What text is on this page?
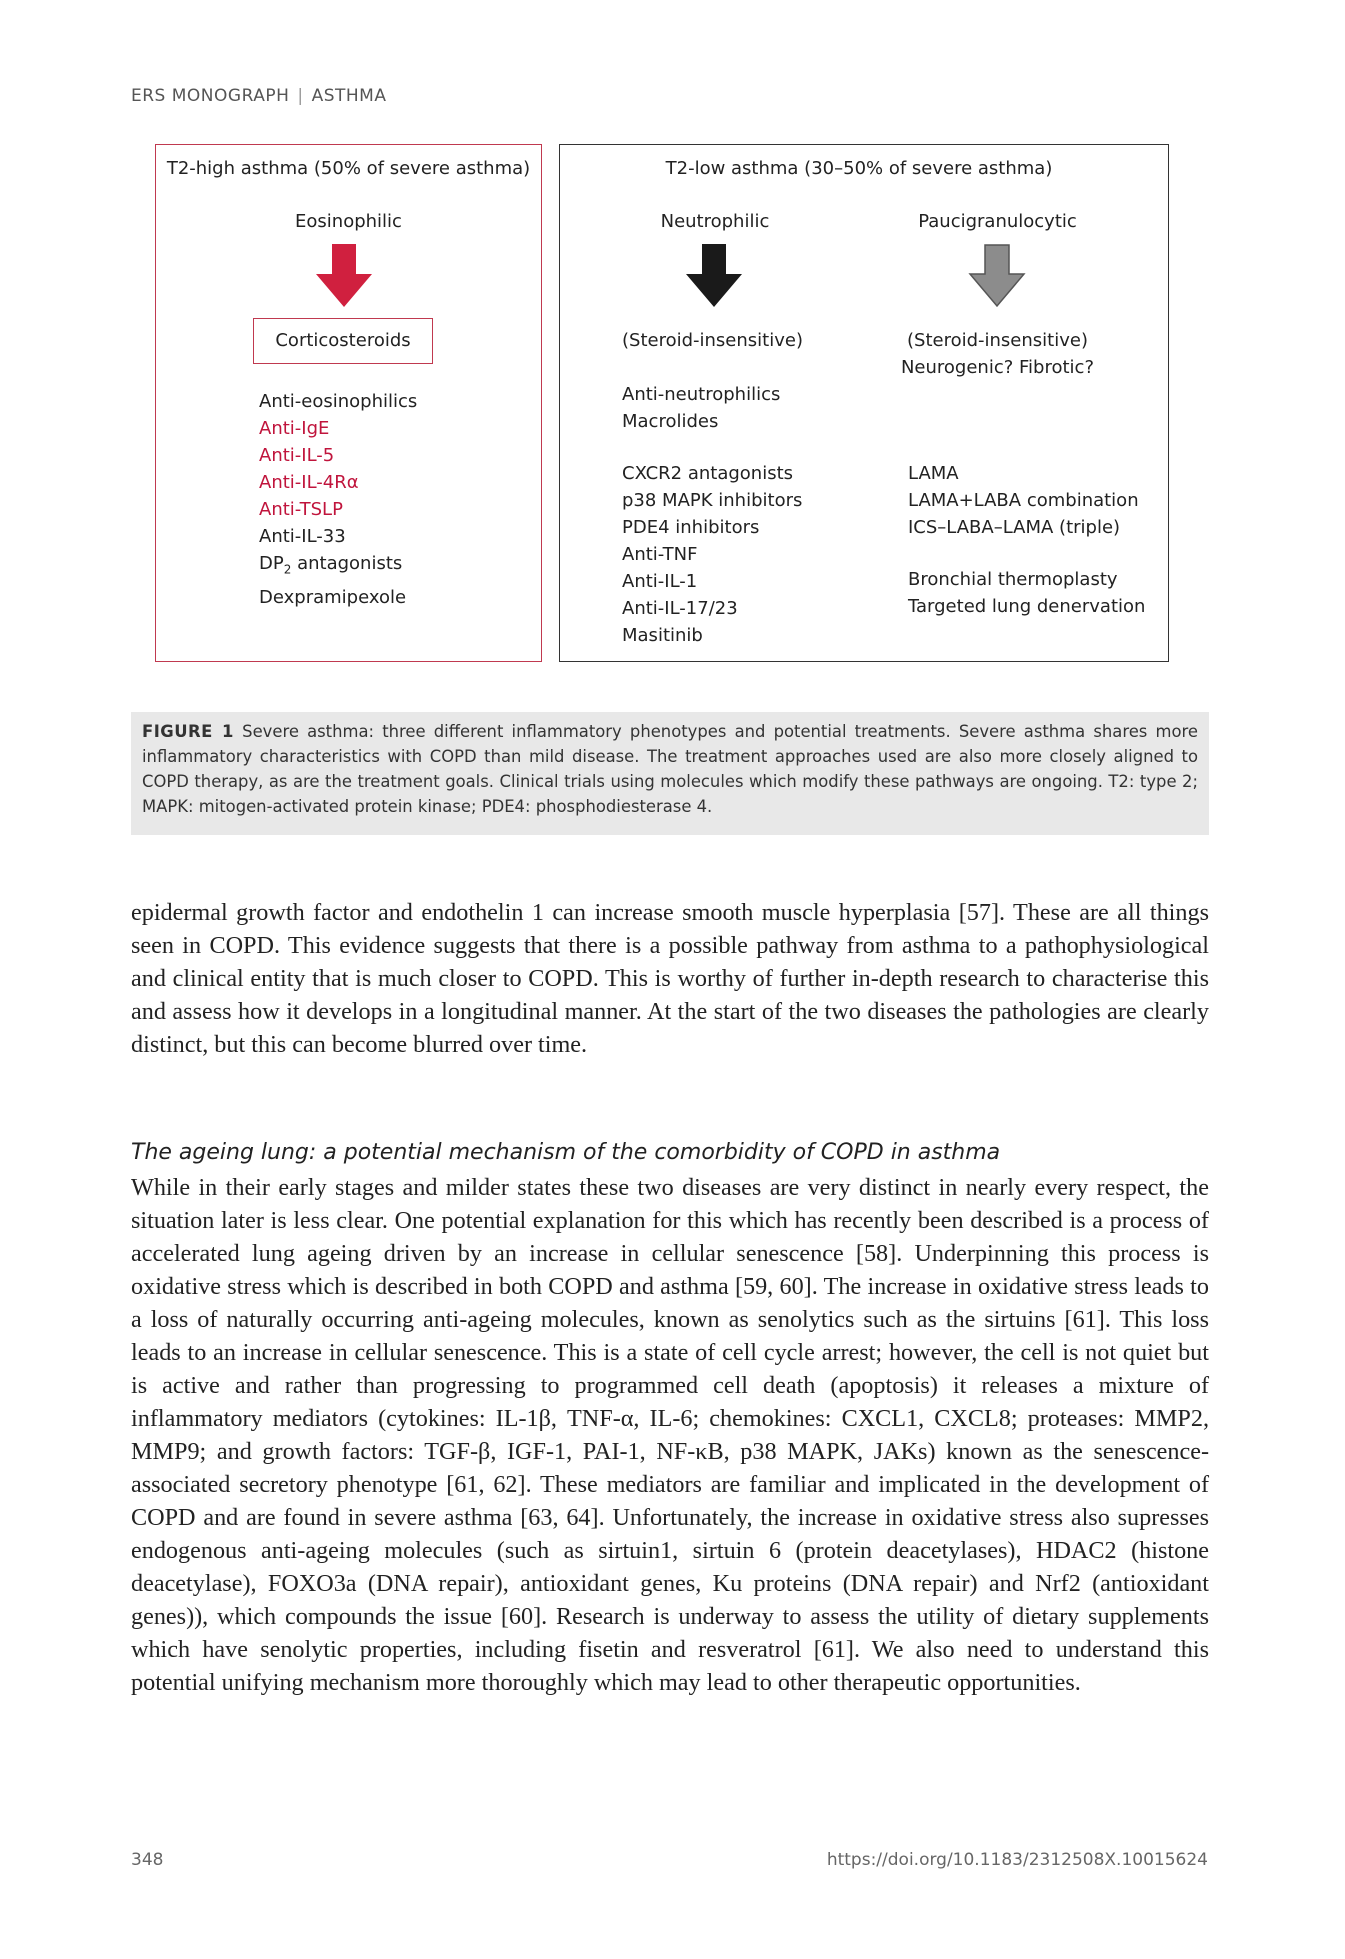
ERS MONOGRAPH | ASTHMA
T2-high asthma (50% of severe asthma)
Eosinophilic
Corticosteroids
Anti-eosinophilics
Anti-IgE
Anti-IL-5
Anti-IL-4Rα
Anti-TSLP
Anti-IL-33
$DP_2$ antagonists
Dexpramipexole
T2-low asthma (30–50% of severe asthma)
Neutrophilic
(Steroid-insensitive)
Anti-neutrophilics
Macrolides
CXCR2 antagonists
p38 MAPK inhibitors
PDE4 inhibitors
Anti-TNF
Anti-IL-1
Anti-IL-17/23
Masitinib
Paucigranulocytic
(Steroid-insensitive)
Neurogenic? Fibrotic?
LAMA
LAMA+LABA combination
ICS–LABA–LAMA (triple)
Bronchial thermoplasty
Targeted lung denervation
FIGURE 1 Severe asthma: three different inflammatory phenotypes and potential treatments. Severe asthma shares more inflammatory characteristics with COPD than mild disease. The treatment approaches used are also more closely aligned to COPD therapy, as are the treatment goals. Clinical trials using molecules which modify these pathways are ongoing. T2: type 2; MAPK: mitogen-activated protein kinase; PDE4: phosphodiesterase 4.
epidermal growth factor and endothelin 1 can increase smooth muscle hyperplasia [57]. These are all things seen in COPD. This evidence suggests that there is a possible pathway from asthma to a pathophysiological and clinical entity that is much closer to COPD. This is worthy of further in-depth research to characterise this and assess how it develops in a longitudinal manner. At the start of the two diseases the pathologies are clearly distinct, but this can become blurred over time.
The ageing lung: a potential mechanism of the comorbidity of COPD in asthma
While in their early stages and milder states these two diseases are very distinct in nearly every respect, the situation later is less clear. One potential explanation for this which has recently been described is a process of accelerated lung ageing driven by an increase in cellular senescence [58]. Underpinning this process is oxidative stress which is described in both COPD and asthma [59, 60]. The increase in oxidative stress leads to a loss of naturally occurring anti-ageing molecules, known as senolytics such as the sirtuins [61]. This loss leads to an increase in cellular senescence. This is a state of cell cycle arrest; however, the cell is not quiet but is active and rather than progressing to programmed cell death (apoptosis) it releases a mixture of inflammatory mediators (cytokines: IL-1β, TNF-α, IL-6; chemokines: CXCL1, CXCL8; proteases: MMP2, MMP9; and growth factors: TGF-β, IGF-1, PAI-1, NF-κB, p38 MAPK, JAKs) known as the senescence-associated secretory phenotype [61, 62]. These mediators are familiar and implicated in the development of COPD and are found in severe asthma [63, 64]. Unfortunately, the increase in oxidative stress also supresses endogenous anti-ageing molecules (such as sirtuin1, sirtuin 6 (protein deacetylases), HDAC2 (histone deacetylase), FOXO3a (DNA repair), antioxidant genes, Ku proteins (DNA repair) and Nrf2 (antioxidant genes)), which compounds the issue [60]. Research is underway to assess the utility of dietary supplements which have senolytic properties, including fisetin and resveratrol [61]. We also need to understand this potential unifying mechanism more thoroughly which may lead to other therapeutic opportunities.
348	https://doi.org/10.1183/2312508X.10015624
